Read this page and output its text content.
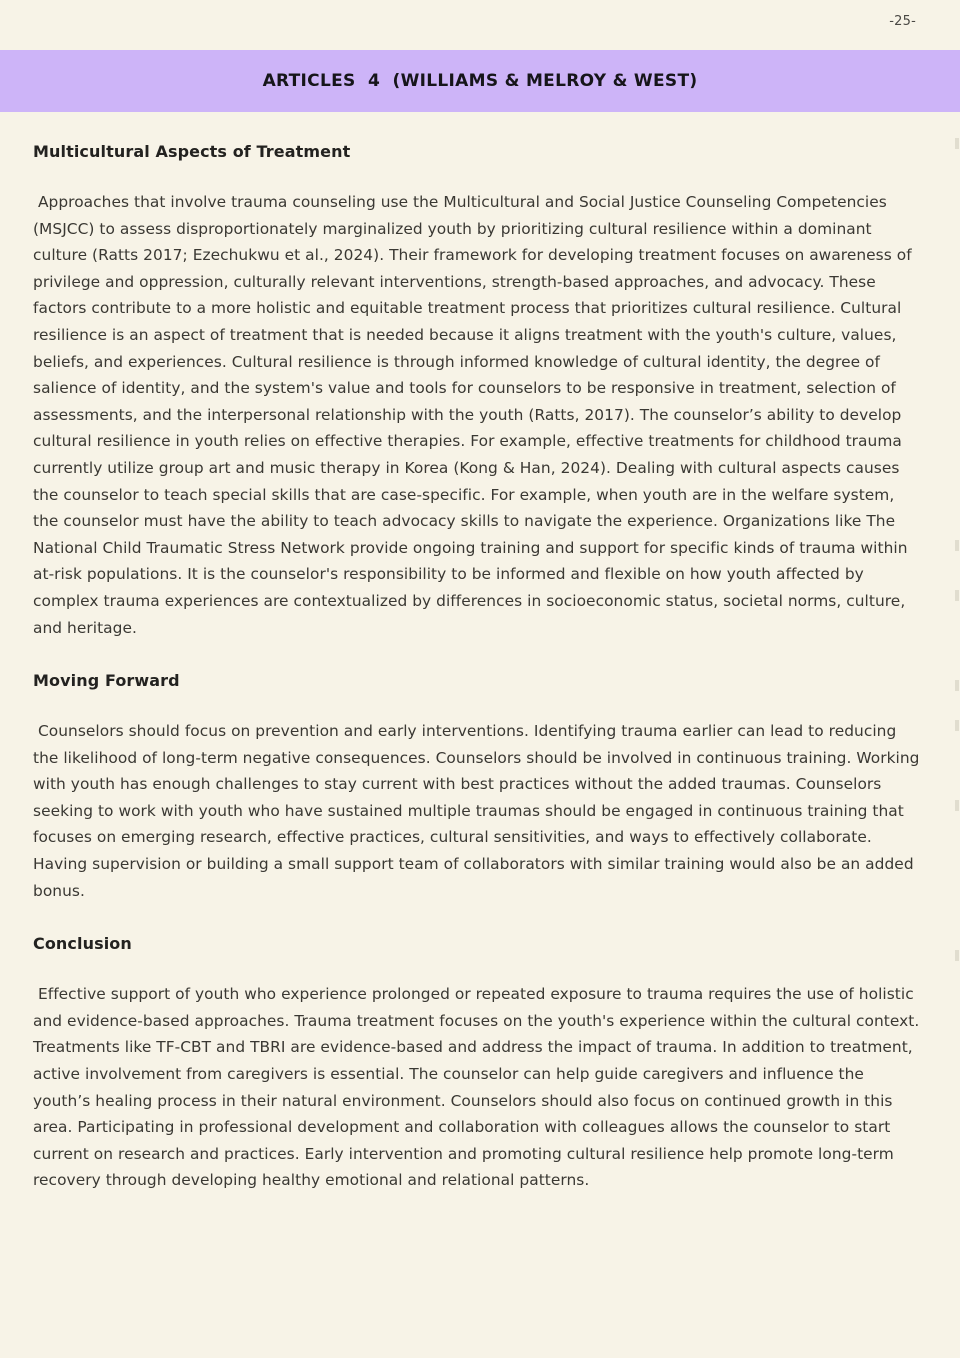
-25-
ARTICLES  4  (WILLIAMS & MELROY & WEST)
Multicultural Aspects of Treatment

Approaches that involve trauma counseling use the Multicultural and Social Justice Counseling Competencies (MSJCC) to assess disproportionately marginalized youth by prioritizing cultural resilience within a dominant culture (Ratts 2017; Ezechukwu et al., 2024). Their framework for developing treatment focuses on awareness of privilege and oppression, culturally relevant interventions, strength-based approaches, and advocacy. These factors contribute to a more holistic and equitable treatment process that prioritizes cultural resilience. Cultural resilience is an aspect of treatment that is needed because it aligns treatment with the youth's culture, values, beliefs, and experiences. Cultural resilience is through informed knowledge of cultural identity, the degree of salience of identity, and the system's value and tools for counselors to be responsive in treatment, selection of assessments, and the interpersonal relationship with the youth (Ratts, 2017). The counselor’s ability to develop cultural resilience in youth relies on effective therapies. For example, effective treatments for childhood trauma currently utilize group art and music therapy in Korea (Kong & Han, 2024). Dealing with cultural aspects causes the counselor to teach special skills that are case-specific. For example, when youth are in the welfare system, the counselor must have the ability to teach advocacy skills to navigate the experience. Organizations like The National Child Traumatic Stress Network provide ongoing training and support for specific kinds of trauma within at-risk populations. It is the counselor's responsibility to be informed and flexible on how youth affected by complex trauma experiences are contextualized by differences in socioeconomic status, societal norms, culture, and heritage.

Moving Forward

Counselors should focus on prevention and early interventions. Identifying trauma earlier can lead to reducing the likelihood of long-term negative consequences. Counselors should be involved in continuous training. Working with youth has enough challenges to stay current with best practices without the added traumas. Counselors seeking to work with youth who have sustained multiple traumas should be engaged in continuous training that focuses on emerging research, effective practices, cultural sensitivities, and ways to effectively collaborate. Having supervision or building a small support team of collaborators with similar training would also be an added bonus.

Conclusion

Effective support of youth who experience prolonged or repeated exposure to trauma requires the use of holistic and evidence-based approaches. Trauma treatment focuses on the youth's experience within the cultural context. Treatments like TF-CBT and TBRI are evidence-based and address the impact of trauma. In addition to treatment, active involvement from caregivers is essential. The counselor can help guide caregivers and influence the youth’s healing process in their natural environment. Counselors should also focus on continued growth in this area. Participating in professional development and collaboration with colleagues allows the counselor to start current on research and practices. Early intervention and promoting cultural resilience help promote long-term recovery through developing healthy emotional and relational patterns.
